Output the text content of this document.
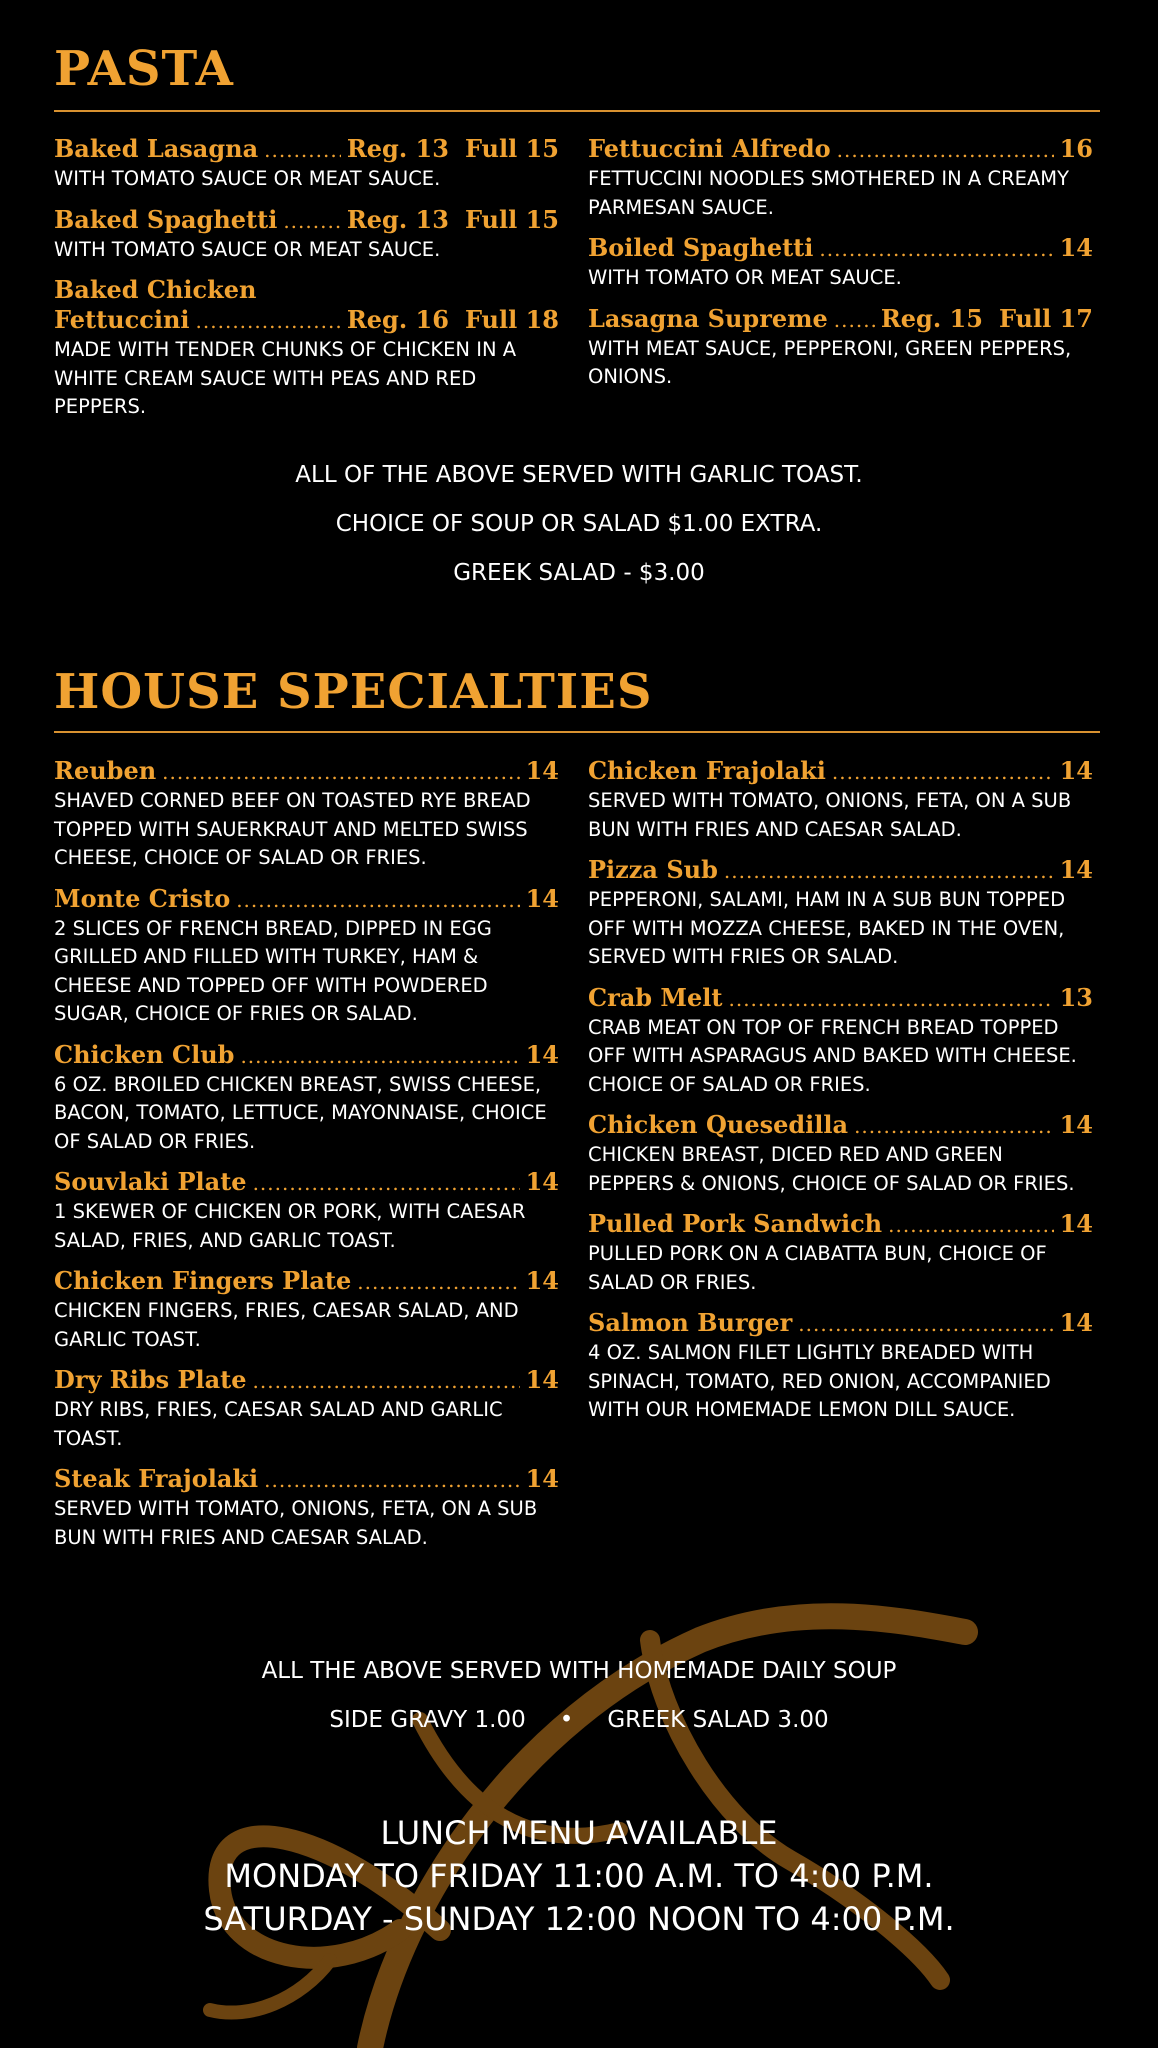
PASTA
Baked Lasagna .....	Reg. 13 Full 15
WITH TOMATO SAUCE OR MEAT SAUCE.
Baked Spaghetti .....	Reg. 13 Full 15
WITH TOMATO SAUCE OR MEAT SAUCE.
Baked Chicken
Fettuccini .....	Reg. 16 Full 18
MADE WITH TENDER CHUNKS OF CHICKEN IN A WHITE CREAM SAUCE WITH PEAS AND RED PEPPERS.
Fettuccini Alfredo .....	16
FETTUCCINI NOODLES SMOTHERED IN A CREAMY PARMESAN SAUCE.
Boiled Spaghetti .....	14
WITH TOMATO OR MEAT SAUCE.
Lasagna Supreme ..... Reg. 15 Full 17
WITH MEAT SAUCE, PEPPERONI, GREEN PEPPERS, ONIONS.
ALL OF THE ABOVE SERVED WITH GARLIC TOAST.
CHOICE OF SOUP OR SALAD $1.00 EXTRA.
GREEK SALAD - $3.00
HOUSE SPECIALTIES
Reuben .....	14
SHAVED CORNED BEEF ON TOASTED RYE BREAD TOPPED WITH SAUERKRAUT AND MELTED SWISS CHEESE, CHOICE OF SALAD OR FRIES.
Monte Cristo .....	14
2 SLICES OF FRENCH BREAD, DIPPED IN EGG GRILLED AND FILLED WITH TURKEY, HAM & CHEESE AND TOPPED OFF WITH POWDERED SUGAR, CHOICE OF FRIES OR SALAD.
Chicken Club .....	14
6 OZ. BROILED CHICKEN BREAST, SWISS CHEESE, BACON, TOMATO, LETTUCE, MAYONNAISE, CHOICE OF SALAD OR FRIES.
Souvlaki Plate .....	14
1 SKEWER OF CHICKEN OR PORK, WITH CAESAR SALAD, FRIES, AND GARLIC TOAST.
Chicken Fingers Plate .....	14
CHICKEN FINGERS, FRIES, CAESAR SALAD, AND GARLIC TOAST.
Dry Ribs Plate .....	14
DRY RIBS, FRIES, CAESAR SALAD AND GARLIC TOAST.
Steak Frajolaki .....	14
SERVED WITH TOMATO, ONIONS, FETA, ON A SUB BUN WITH FRIES AND CAESAR SALAD.
Chicken Frajolaki .....	14
SERVED WITH TOMATO, ONIONS, FETA, ON A SUB BUN WITH FRIES AND CAESAR SALAD.
Pizza Sub .....	14
PEPPERONI, SALAMI, HAM IN A SUB BUN TOPPED OFF WITH MOZZA CHEESE, BAKED IN THE OVEN, SERVED WITH FRIES OR SALAD.
Crab Melt .....	13
CRAB MEAT ON TOP OF FRENCH BREAD TOPPED OFF WITH ASPARAGUS AND BAKED WITH CHEESE. CHOICE OF SALAD OR FRIES.
Chicken Quesedilla .....	14
CHICKEN BREAST, DICED RED AND GREEN PEPPERS & ONIONS, CHOICE OF SALAD OR FRIES.
Pulled Pork Sandwich .....	14
PULLED PORK ON A CIABATTA BUN, CHOICE OF SALAD OR FRIES.
Salmon Burger .....	14
4 OZ. SALMON FILET LIGHTLY BREADED WITH SPINACH, TOMATO, RED ONION, ACCOMPANIED WITH OUR HOMEMADE LEMON DILL SAUCE.
ALL THE ABOVE SERVED WITH HOMEMADE DAILY SOUP
SIDE GRAVY 1.00 • GREEK SALAD 3.00
LUNCH MENU AVAILABLE
MONDAY TO FRIDAY 11:00 A.M. TO 4:00 P.M.
SATURDAY - SUNDAY 12:00 NOON TO 4:00 P.M.
